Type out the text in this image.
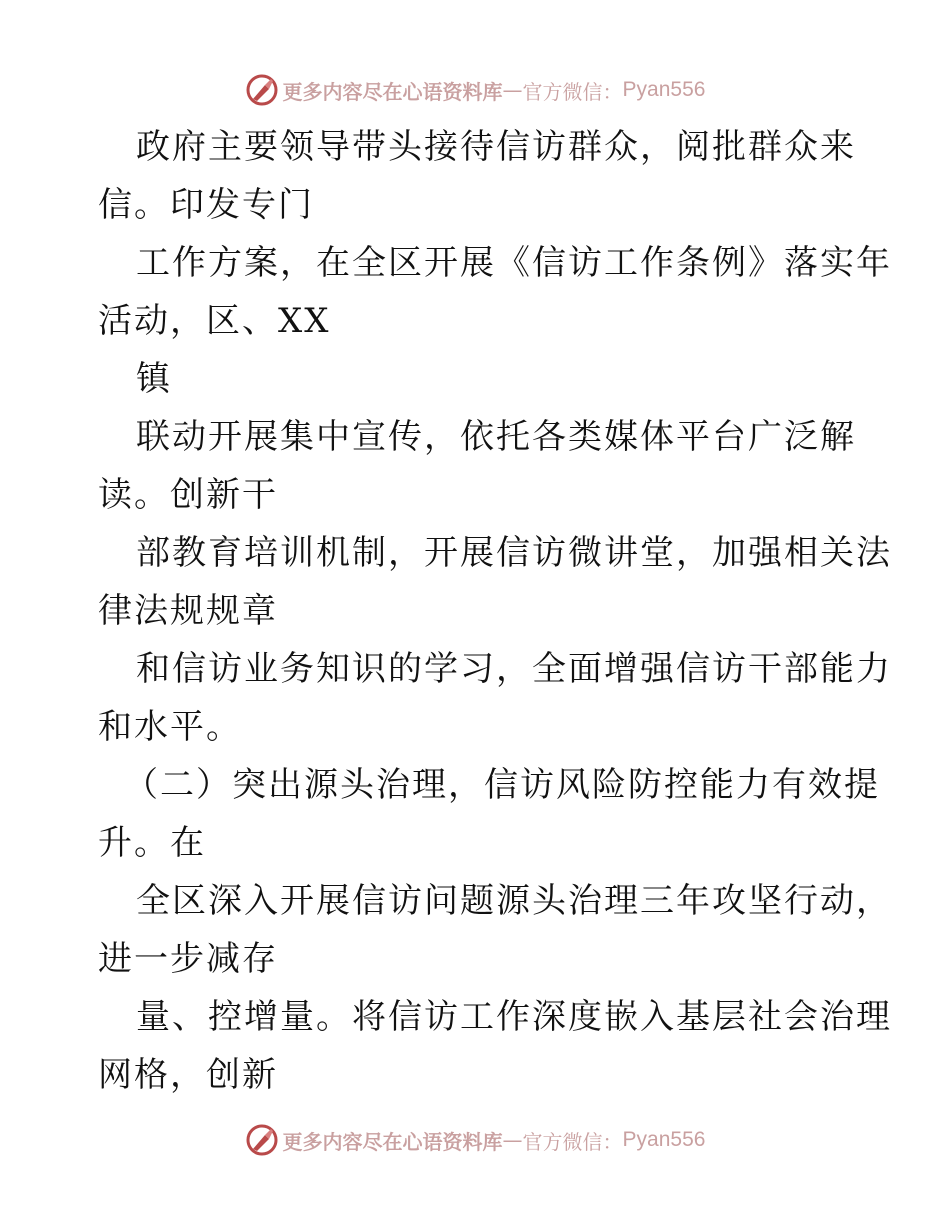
更多内容尽在心语资料库 — 官方微信： Pyan556
政府主要领导带头接待信访群众，阅批群众来
信。印发专门
工作方案，在全区开展《信访工作条例》落实年
活动，区、XX
镇
联动开展集中宣传，依托各类媒体平台广泛解
读。创新干
部教育培训机制，开展信访微讲堂，加强相关法
律法规规章
和信访业务知识的学习，全面增强信访干部能力
和水平。
（二）突出源头治理，信访风险防控能力有效提
升。在
全区深入开展信访问题源头治理三年攻坚行动，
进一步减存
量、控增量。将信访工作深度嵌入基层社会治理
网格，创新
更多内容尽在心语资料库 — 官方微信： Pyan556
